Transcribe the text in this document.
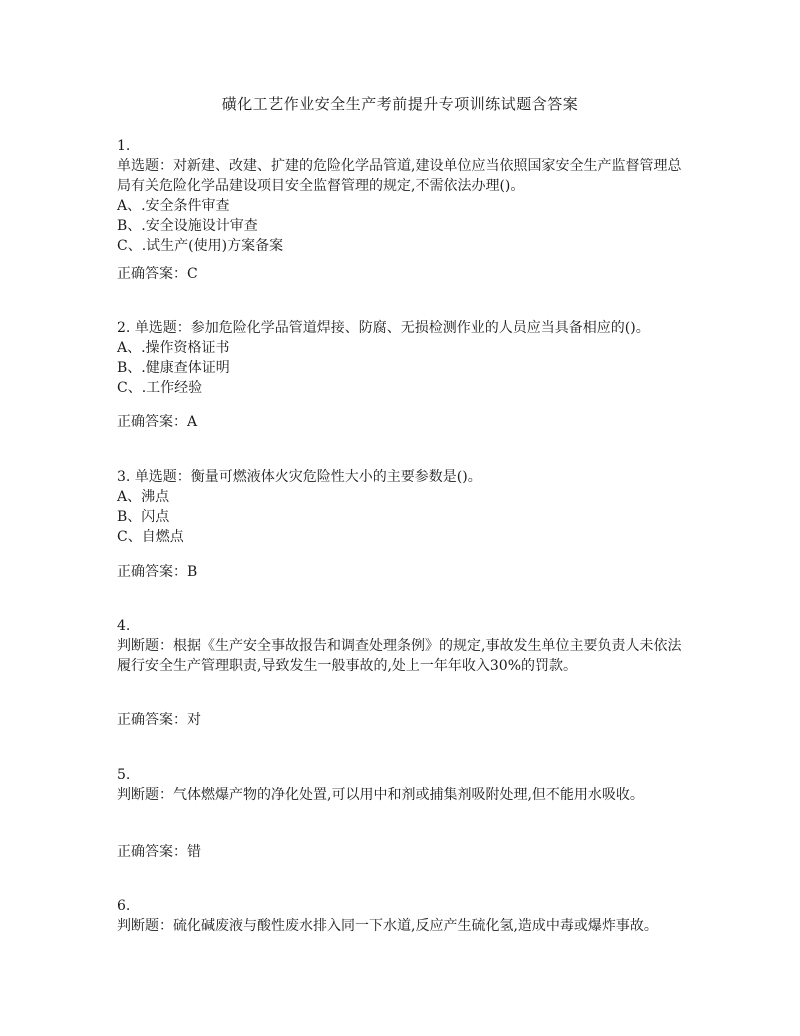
磺化工艺作业安全生产考前提升专项训练试题含答案
1.
单选题：对新建、改建、扩建的危险化学品管道,建设单位应当依照国家安全生产监督管理总局有关危险化学品建设项目安全监督管理的规定,不需依法办理()。
A、.安全条件审查
B、.安全设施设计审查
C、.试生产(使用)方案备案
正确答案：C
2. 单选题：参加危险化学品管道焊接、防腐、无损检测作业的人员应当具备相应的()。
A、.操作资格证书
B、.健康查体证明
C、.工作经验
正确答案：A
3. 单选题：衡量可燃液体火灾危险性大小的主要参数是()。
A、沸点
B、闪点
C、自燃点
正确答案：B
4.
判断题：根据《生产安全事故报告和调查处理条例》的规定,事故发生单位主要负责人未依法履行安全生产管理职责,导致发生一般事故的,处上一年年收入30%的罚款。
正确答案：对
5.
判断题：气体燃爆产物的净化处置,可以用中和剂或捕集剂吸附处理,但不能用水吸收。
正确答案：错
6.
判断题：硫化碱废液与酸性废水排入同一下水道,反应产生硫化氢,造成中毒或爆炸事故。
